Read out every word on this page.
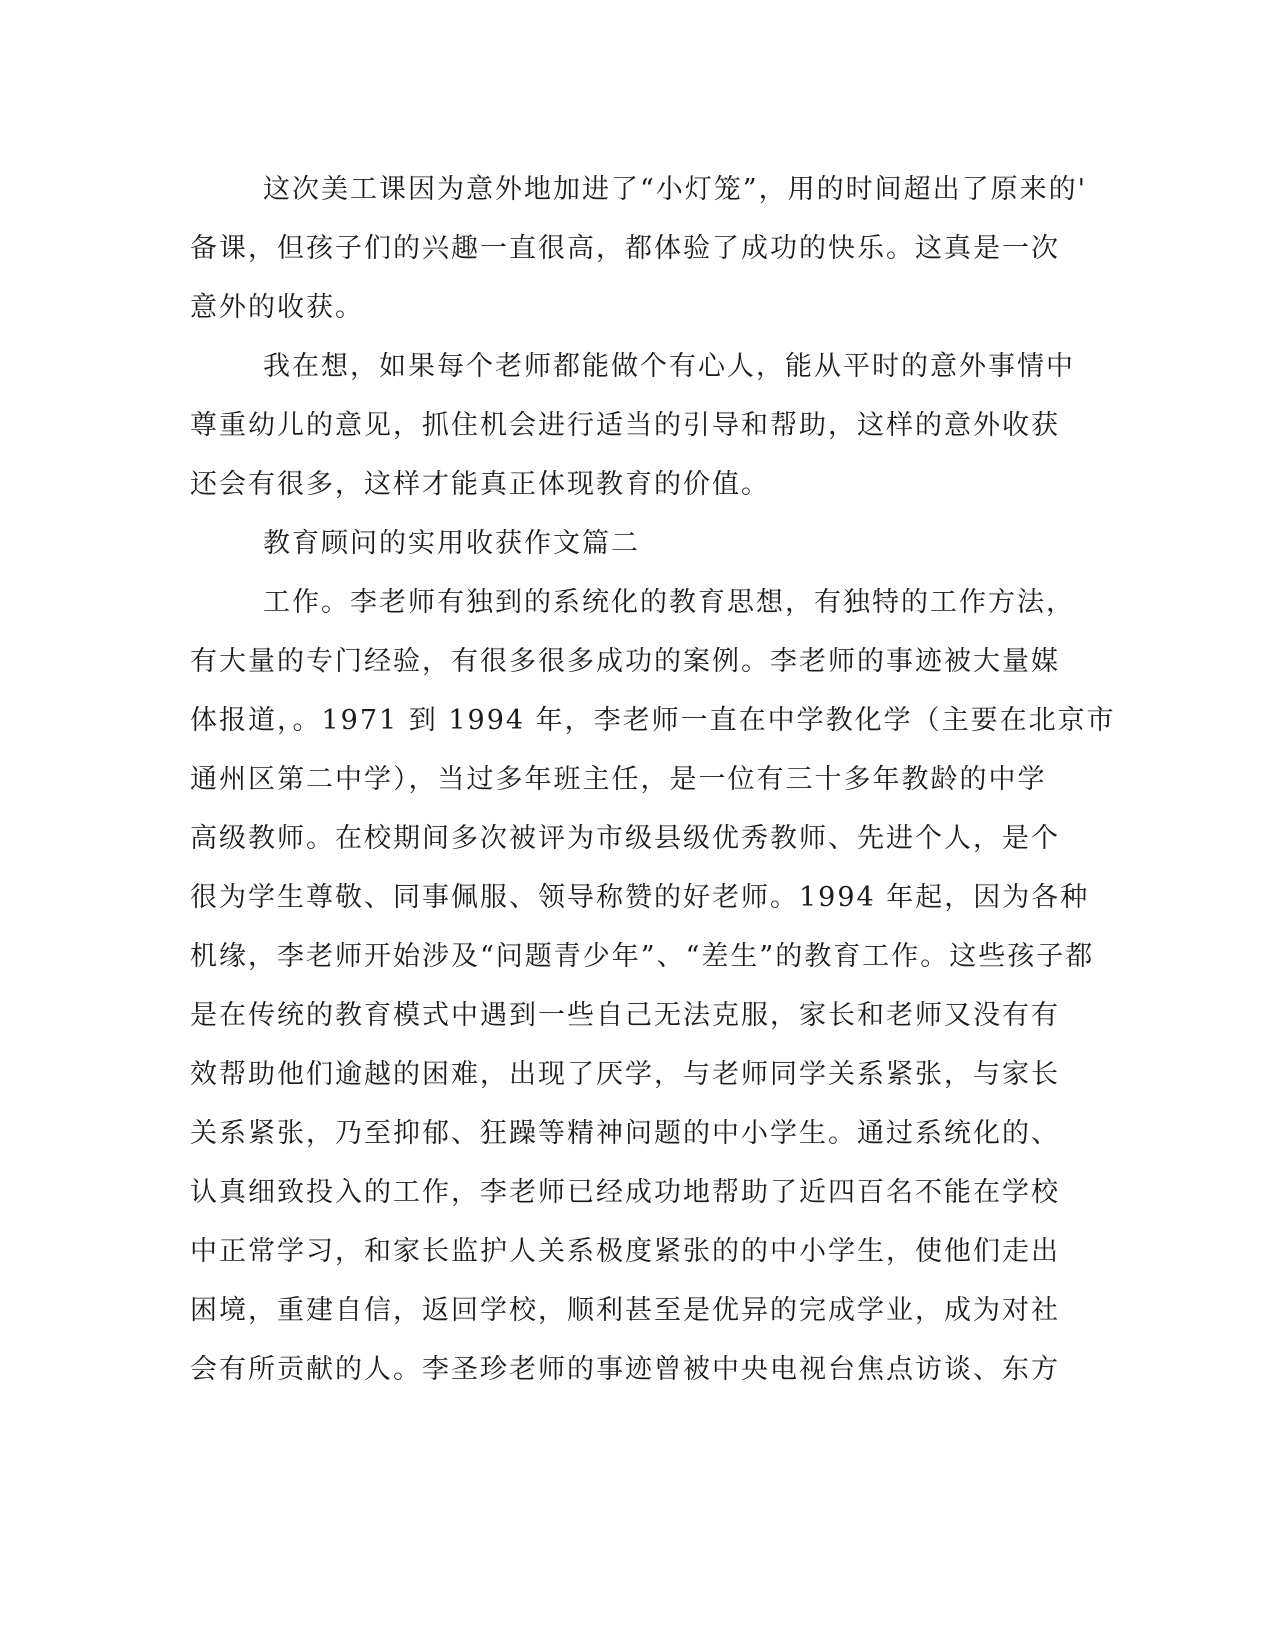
这次美工课因为意外地加进了“小灯笼”，用的时间超出了原来的'
备课，但孩子们的兴趣一直很高，都体验了成功的快乐。这真是一次
意外的收获。
我在想，如果每个老师都能做个有心人，能从平时的意外事情中
尊重幼儿的意见，抓住机会进行适当的引导和帮助，这样的意外收获
还会有很多，这样才能真正体现教育的价值。
教育顾问的实用收获作文篇二
工作。李老师有独到的系统化的教育思想，有独特的工作方法，
有大量的专门经验，有很多很多成功的案例。李老师的事迹被大量媒
体报道，。1971 到 1994 年，李老师一直在中学教化学（主要在北京市
通州区第二中学），当过多年班主任，是一位有三十多年教龄的中学
高级教师。在校期间多次被评为市级县级优秀教师、先进个人，是个
很为学生尊敬、同事佩服、领导称赞的好老师。1994 年起，因为各种
机缘，李老师开始涉及“问题青少年”、“差生”的教育工作。这些孩子都
是在传统的教育模式中遇到一些自己无法克服，家长和老师又没有有
效帮助他们逾越的困难，出现了厌学，与老师同学关系紧张，与家长
关系紧张，乃至抑郁、狂躁等精神问题的中小学生。通过系统化的、
认真细致投入的工作，李老师已经成功地帮助了近四百名不能在学校
中正常学习，和家长监护人关系极度紧张的的中小学生，使他们走出
困境，重建自信，返回学校，顺利甚至是优异的完成学业，成为对社
会有所贡献的人。李圣珍老师的事迹曾被中央电视台焦点访谈、东方
